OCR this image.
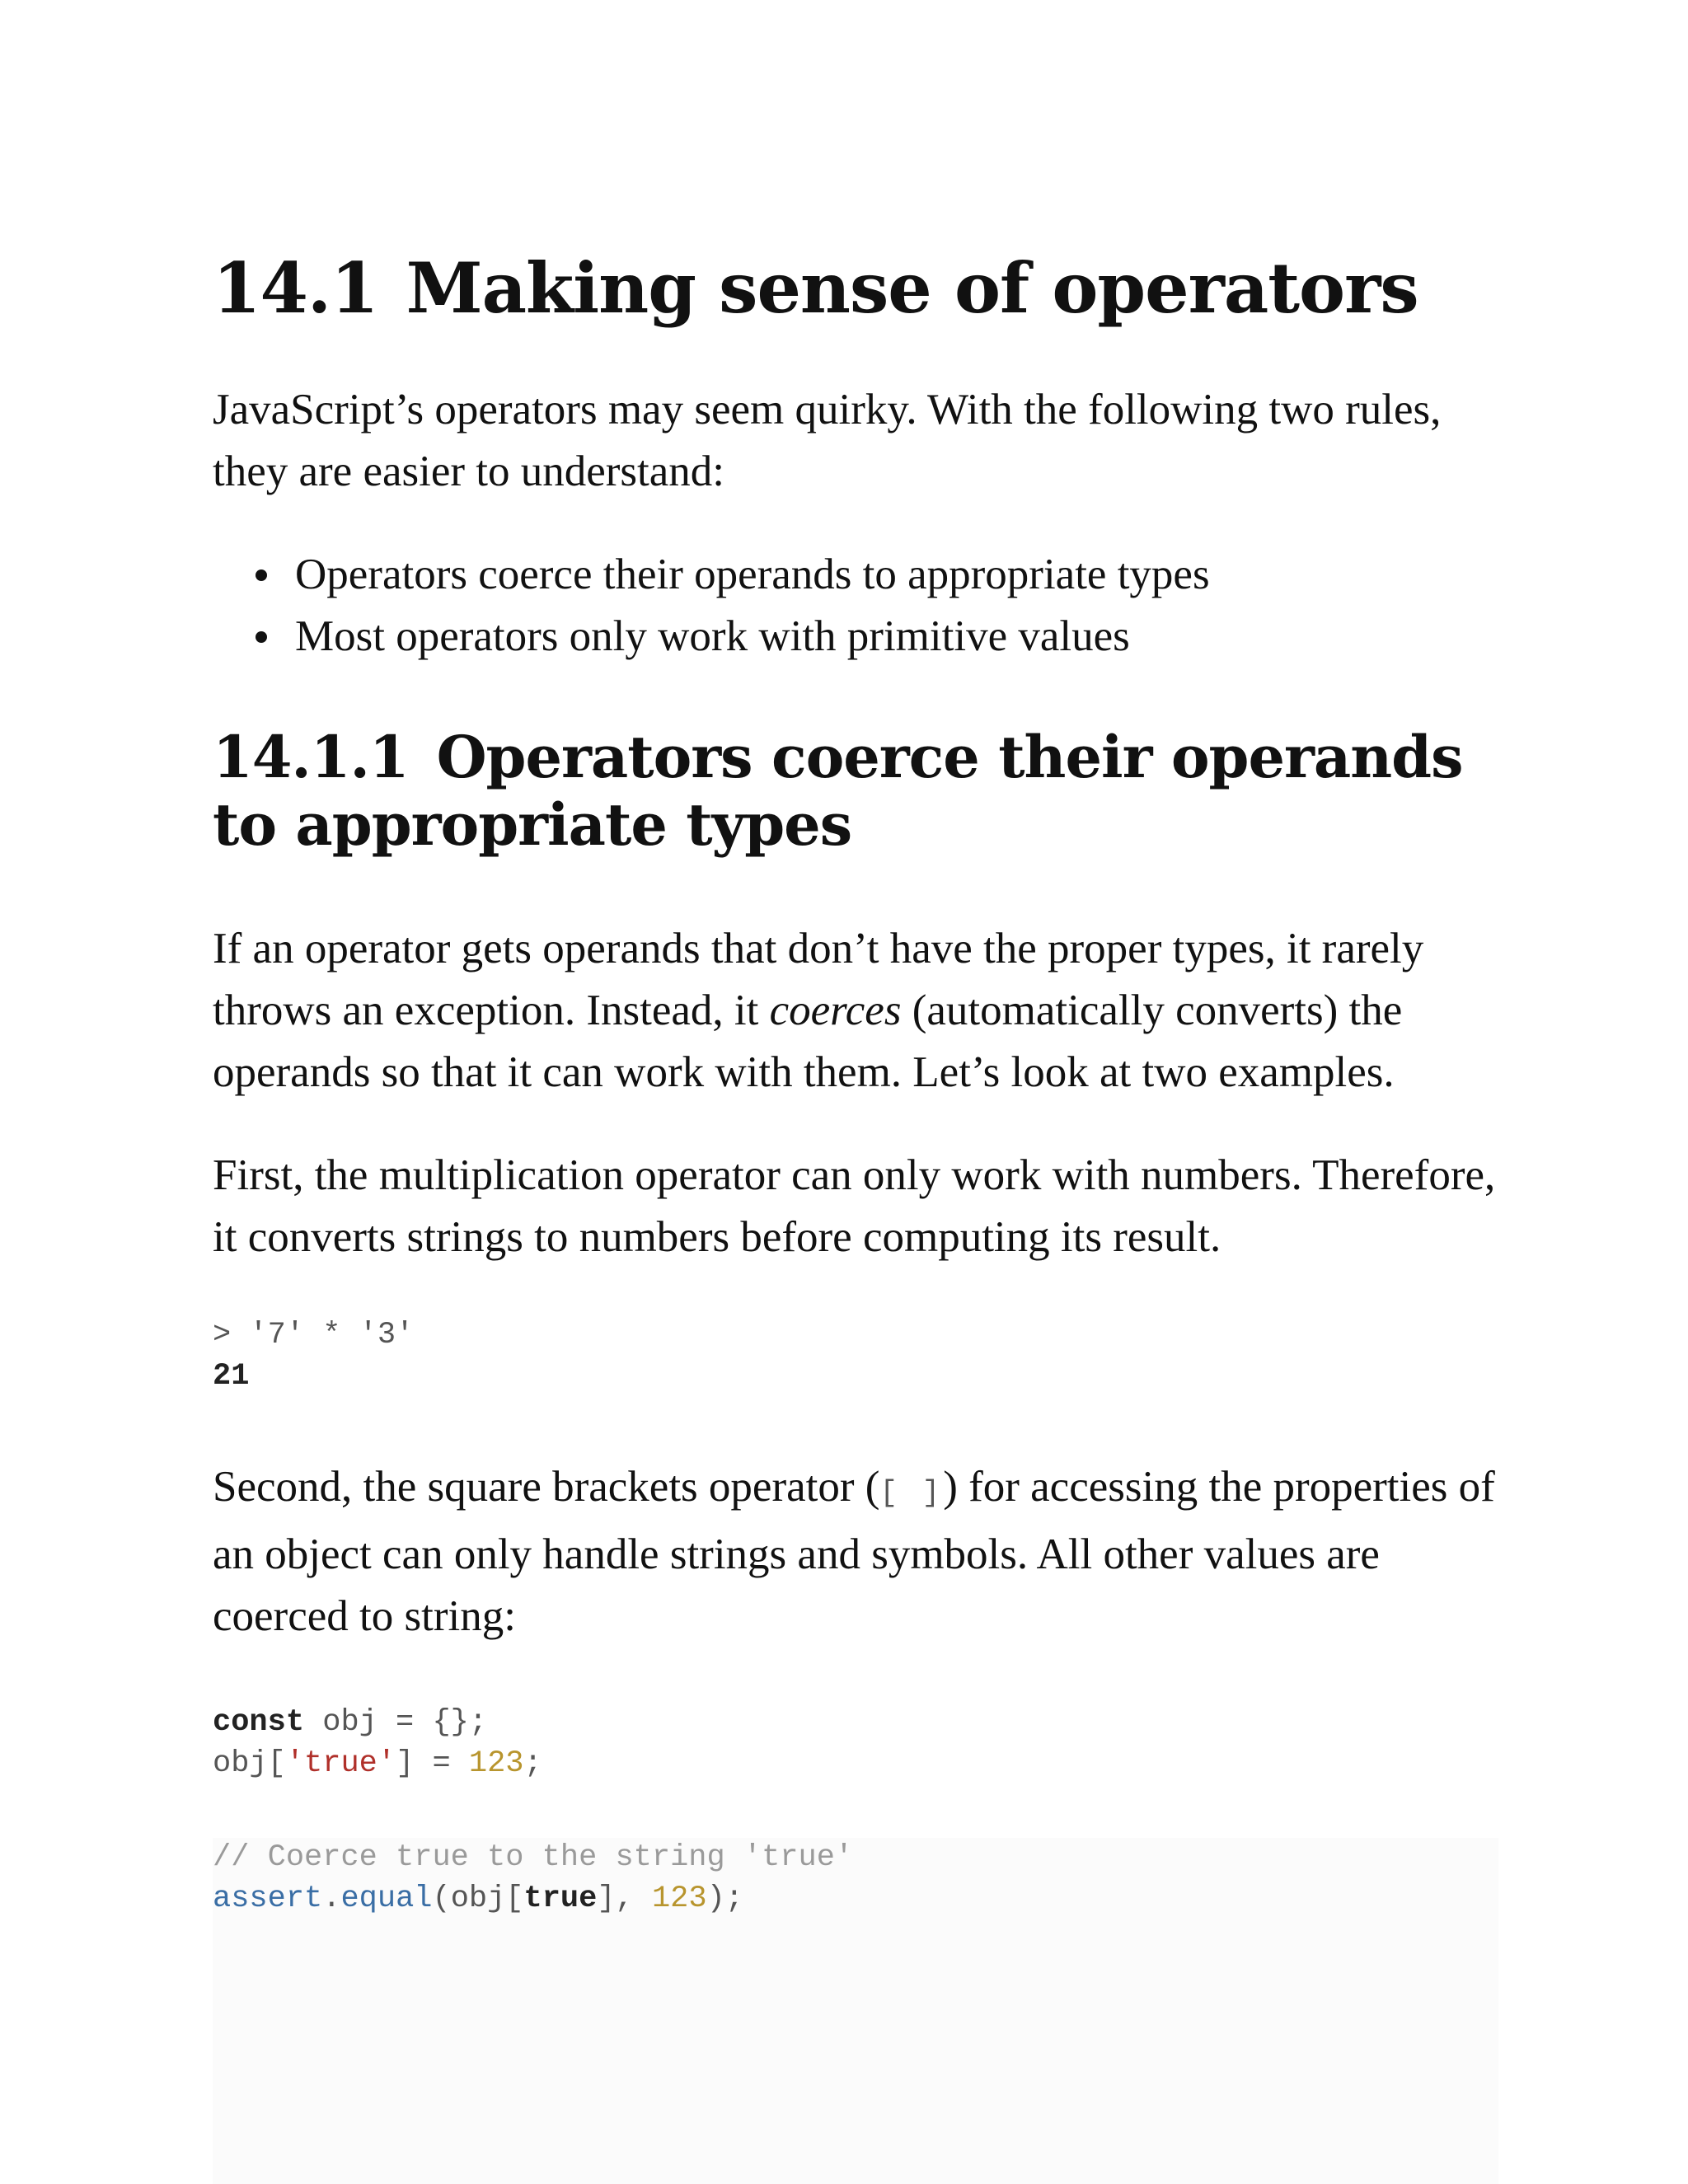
14.1 Making sense of operators

JavaScript’s operators may seem quirky. With the following two rules, they are easier to understand:

Operators coerce their operands to appropriate types
Most operators only work with primitive values
14.1.1 Operators coerce their operands to appropriate types

If an operator gets operands that don’t have the proper types, it rarely throws an exception. Instead, it coerces (automatically converts) the operands so that it can work with them. Let’s look at two examples.

First, the multiplication operator can only work with numbers. Therefore, it converts strings to numbers before computing its result.

> '7' * '3'
21

Second, the square brackets operator ([ ]) for accessing the properties of an object can only handle strings and symbols. All other values are coerced to string:

const obj = {};
obj['true'] = 123;
// Coerce true to the string 'true'
assert.equal(obj[true], 123);
